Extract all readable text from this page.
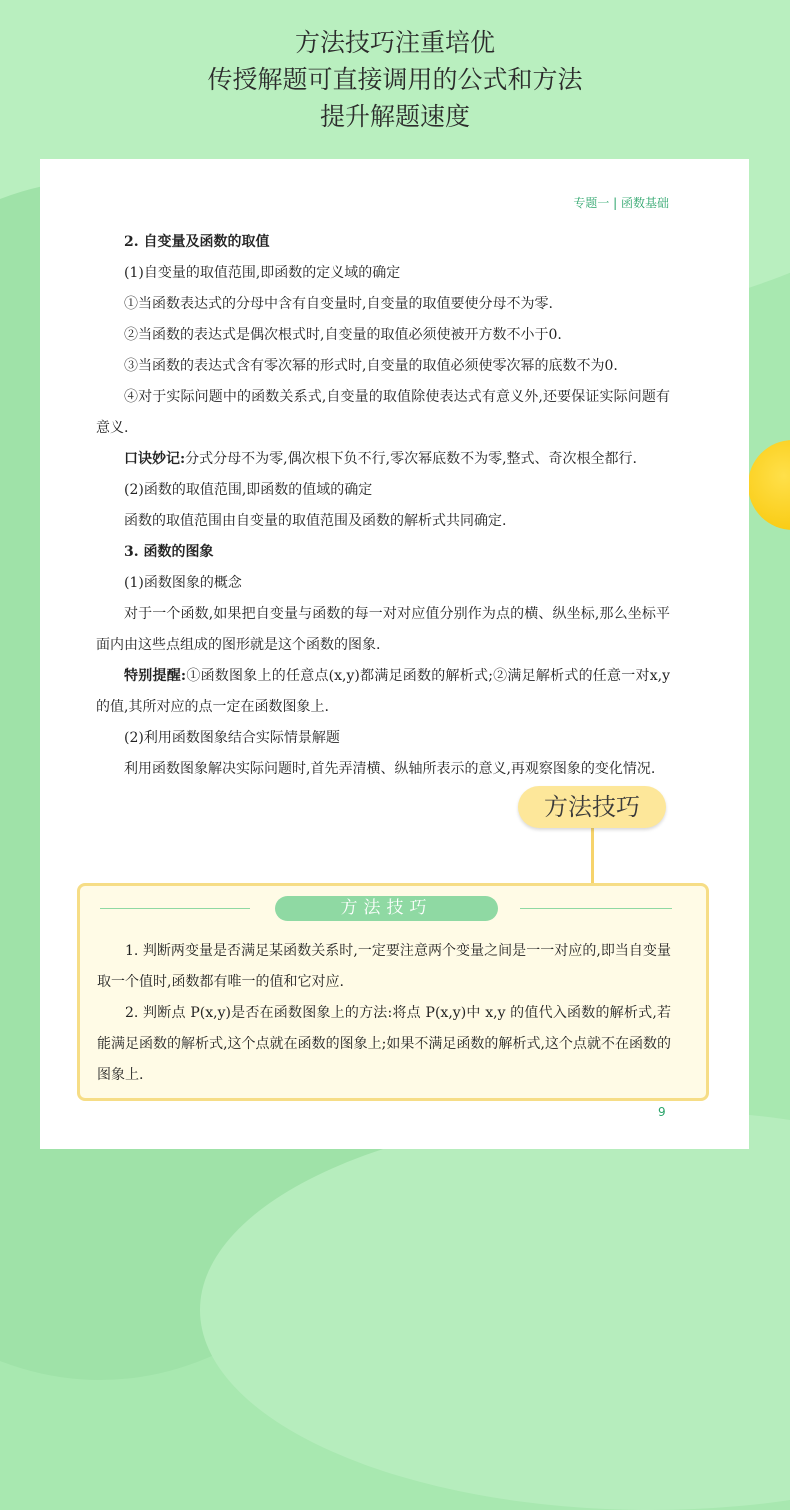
方法技巧注重培优
传授解题可直接调用的公式和方法
提升解题速度
专题一 | 函数基础

2. 自变量及函数的取值

(1)自变量的取值范围,即函数的定义域的确定

①当函数表达式的分母中含有自变量时,自变量的取值要使分母不为零.

②当函数的表达式是偶次根式时,自变量的取值必须使被开方数不小于0.

③当函数的表达式含有零次幂的形式时,自变量的取值必须使零次幂的底数不为0.

④对于实际问题中的函数关系式,自变量的取值除使表达式有意义外,还要保证实际问题有意义.

口诀妙记:分式分母不为零,偶次根下负不行,零次幂底数不为零,整式、奇次根全都行.

(2)函数的取值范围,即函数的值域的确定

函数的取值范围由自变量的取值范围及函数的解析式共同确定.

3. 函数的图象

(1)函数图象的概念

对于一个函数,如果把自变量与函数的每一对对应值分别作为点的横、纵坐标,那么坐标平面内由这些点组成的图形就是这个函数的图象.

特别提醒:①函数图象上的任意点(x,y)都满足函数的解析式;②满足解析式的任意一对x,y的值,其所对应的点一定在函数图象上.

(2)利用函数图象结合实际情景解题

利用函数图象解决实际问题时,首先弄清横、纵轴所表示的意义,再观察图象的变化情况.

方法技巧
方法技巧

1. 判断两变量是否满足某函数关系时,一定要注意两个变量之间是一一对应的,即当自变量取一个值时,函数都有唯一的值和它对应.

2. 判断点 P(x,y)是否在函数图象上的方法:将点 P(x,y)中 x,y 的值代入函数的解析式,若能满足函数的解析式,这个点就在函数的图象上;如果不满足函数的解析式,这个点就不在函数的图象上.

9
